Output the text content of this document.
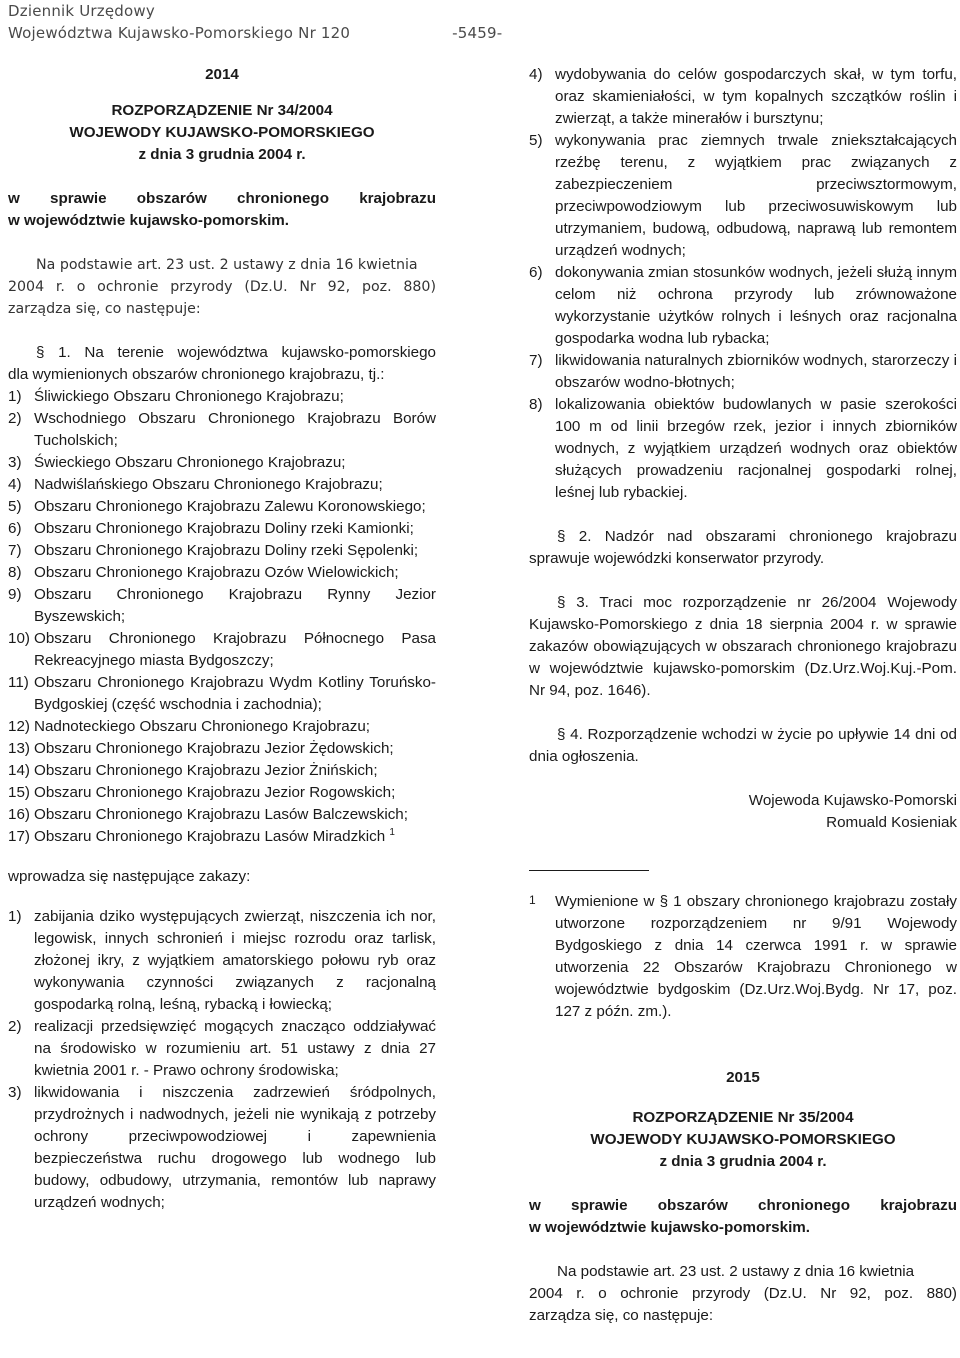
Dziennik Urzędowy
Województwa Kujawsko-Pomorskiego Nr 120	-5459-

2014

ROZPORZĄDZENIE Nr 34/2004

WOJEWODY KUJAWSKO-POMORSKIEGO

z dnia 3 grudnia 2004 r.

w sprawie obszarów chronionego krajobrazu

w województwie kujawsko-pomorskim.

Na podstawie art. 23 ust. 2 ustawy z dnia 16 kwietnia

2004 r. o ochronie przyrody (Dz.U. Nr 92, poz. 880)

zarządza się, co następuje:

§ 1. Na terenie województwa kujawsko-pomorskiego

dla wymienionych obszarów chronionego krajobrazu, tj.:

1) Śliwickiego Obszaru Chronionego Krajobrazu;
2) Wschodniego Obszaru Chronionego Krajobrazu Borów Tucholskich;
3) Świeckiego Obszaru Chronionego Krajobrazu;
4) Nadwiślańskiego Obszaru Chronionego Krajobrazu;
5) Obszaru Chronionego Krajobrazu Zalewu Koronowskiego;
6) Obszaru Chronionego Krajobrazu Doliny rzeki Kamionki;
7) Obszaru Chronionego Krajobrazu Doliny rzeki Sępolenki;
8) Obszaru Chronionego Krajobrazu Ozów Wielowickich;
9) Obszaru Chronionego Krajobrazu Rynny Jezior Byszewskich;
10) Obszaru Chronionego Krajobrazu Północnego Pasa Rekreacyjnego miasta Bydgoszczy;
11) Obszaru Chronionego Krajobrazu Wydm Kotliny Toruńsko-Bydgoskiej (część wschodnia i zachodnia);
12) Nadnoteckiego Obszaru Chronionego Krajobrazu;
13) Obszaru Chronionego Krajobrazu Jezior Żędowskich;
14) Obszaru Chronionego Krajobrazu Jezior Żnińskich;
15) Obszaru Chronionego Krajobrazu Jezior Rogowskich;
16) Obszaru Chronionego Krajobrazu Lasów Balczewskich;
17) Obszaru Chronionego Krajobrazu Lasów Miradzkich $^1$

wprowadza się następujące zakazy:

1) zabijania dziko występujących zwierząt, niszczenia ich nor, legowisk, innych schronień i miejsc rozrodu oraz tarlisk, złożonej ikry, z wyjątkiem amatorskiego połowu ryb oraz wykonywania czynności związanych z racjonalną gospodarką rolną, leśną, rybacką i łowiecką;
2) realizacji przedsięwzięć mogących znacząco oddziaływać na środowisko w rozumieniu art. 51 ustawy z dnia 27 kwietnia 2001 r. - Prawo ochrony środowiska;
3) likwidowania i niszczenia zadrzewień śródpolnych, przydrożnych i nadwodnych, jeżeli nie wynikają z potrzeby ochrony przeciwpowodziowej i zapewnienia bezpieczeństwa ruchu drogowego lub wodnego lub budowy, odbudowy, utrzymania, remontów lub naprawy urządzeń wodnych;
4) wydobywania do celów gospodarczych skał, w tym torfu, oraz skamieniałości, w tym kopalnych szczątków roślin i zwierząt, a także minerałów i bursztynu;
5) wykonywania prac ziemnych trwale zniekształcających rzeźbę terenu, z wyjątkiem prac związanych z zabezpieczeniem przeciwsztormowym, przeciwpowodziowym lub przeciwosuwiskowym lub utrzymaniem, budową, odbudową, naprawą lub remontem urządzeń wodnych;
6) dokonywania zmian stosunków wodnych, jeżeli służą innym celom niż ochrona przyrody lub zrównoważone wykorzystanie użytków rolnych i leśnych oraz racjonalna gospodarka wodna lub rybacka;
7) likwidowania naturalnych zbiorników wodnych, starorzeczy i obszarów wodno-błotnych;
8) lokalizowania obiektów budowlanych w pasie szerokości 100 m od linii brzegów rzek, jezior i innych zbiorników wodnych, z wyjątkiem urządzeń wodnych oraz obiektów służących prowadzeniu racjonalnej gospodarki rolnej, leśnej lub rybackiej.

§ 2. Nadzór nad obszarami chronionego krajobrazu sprawuje wojewódzki konserwator przyrody.

§ 3. Traci moc rozporządzenie nr 26/2004 Wojewody Kujawsko-Pomorskiego z dnia 18 sierpnia 2004 r. w sprawie zakazów obowiązujących w obszarach chronionego krajobrazu w województwie kujawsko-pomorskim (Dz.Urz.Woj.Kuj.-Pom. Nr 94, poz. 1646).

§ 4. Rozporządzenie wchodzi w życie po upływie 14 dni od dnia ogłoszenia.

Wojewoda Kujawsko-Pomorski

Romuald Kosieniak

1	Wymienione w § 1 obszary chronionego krajobrazu zostały utworzone rozporządzeniem nr 9/91 Wojewody Bydgoskiego z dnia 14 czerwca 1991 r. w sprawie utworzenia 22 Obszarów Krajobrazu Chronionego w województwie bydgoskim (Dz.Urz.Woj.Bydg. Nr 17, poz. 127 z późn. zm.).

2015

ROZPORZĄDZENIE Nr 35/2004

WOJEWODY KUJAWSKO-POMORSKIEGO

z dnia 3 grudnia 2004 r.

w sprawie obszarów chronionego krajobrazu

w województwie kujawsko-pomorskim.

Na podstawie art. 23 ust. 2 ustawy z dnia 16 kwietnia

2004 r. o ochronie przyrody (Dz.U. Nr 92, poz. 880)

zarządza się, co następuje:
